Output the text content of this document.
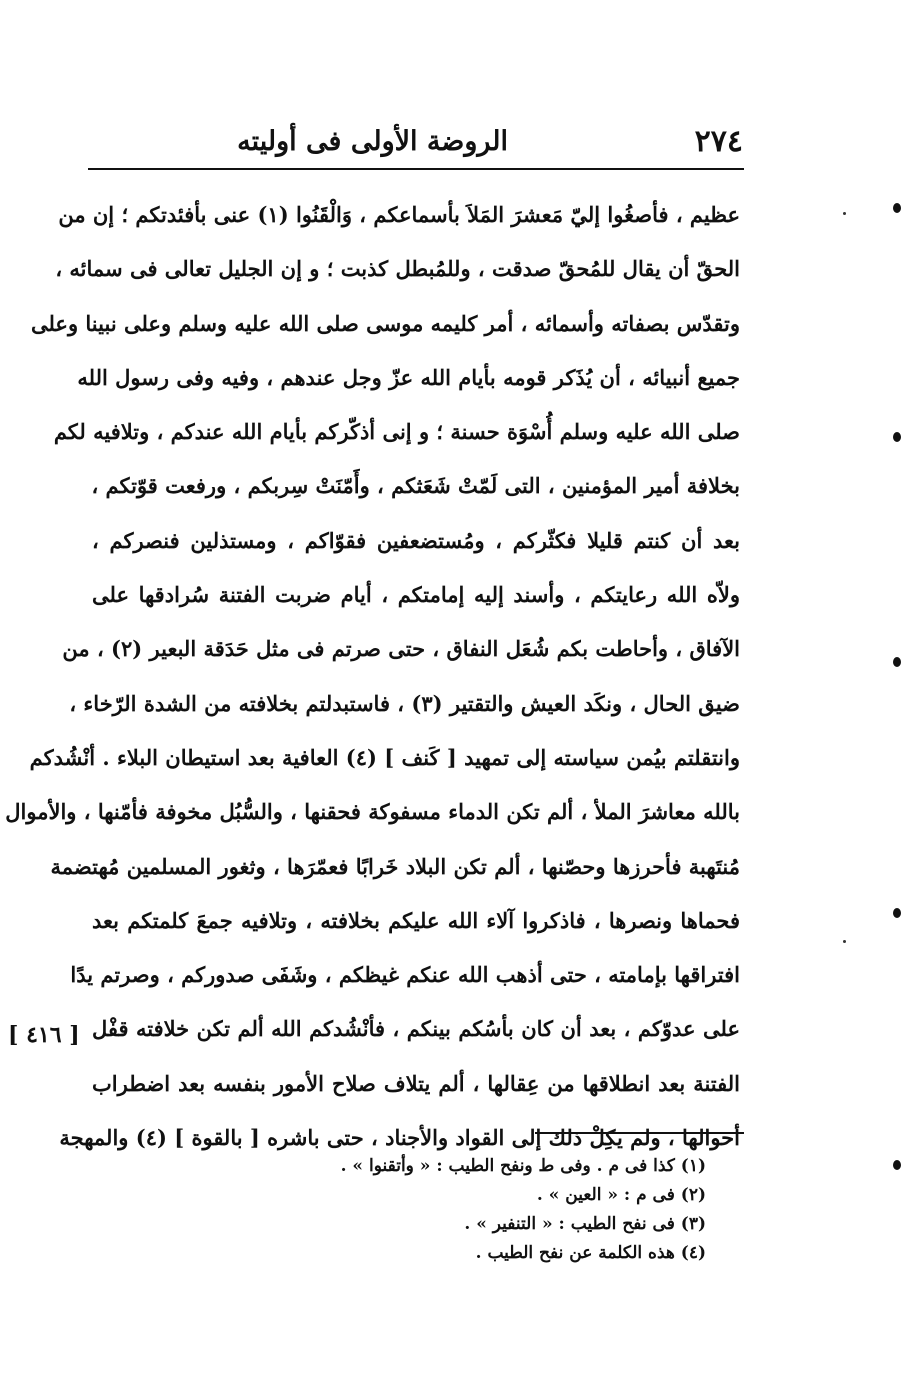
٢٧٤
الروضة الأولى فى أوليته
عظيم ، فأصغُوا إليّ مَعشرَ المَلاَ بأسماعكم ، وَالْقَنُوا (١) عنى بأفئدتكم ؛ إن من
الحقّ أن يقال للمُحقّ صدقت ، وللمُبطل كذبت ؛ و إن الجليل تعالى فى سمائه ،
وتقدّس بصفاته وأسمائه ، أمر كليمه موسى صلى الله عليه وسلم وعلى نبينا وعلى
جميع أنبيائه ، أن يُذَكر قومه بأيام الله عزّ وجل عندهم ، وفيه وفى رسول الله
صلى الله عليه وسلم أُسْوَة حسنة ؛ و إنى أذكّركم بأيام الله عندكم ، وتلافيه لكم
بخلافة أمير المؤمنين ، التى لَمّتْ شَعَثكم ، وأَمّنَتْ سِربكم ، ورفعت قوّتكم ،
بعد أن كنتم قليلا فكثّركم ، ومُستضعفين فقوّاكم ، ومستذلين فنصركم ،
ولاّه الله رعايتكم ، وأسند إليه إمامتكم ، أيام ضربت الفتنة سُرادقها على
الآفاق ، وأحاطت بكم شُعَل النفاق ، حتى صرتم فى مثل حَدَقة البعير (٢) ، من
ضيق الحال ، ونكَد العيش والتقتير (٣) ، فاستبدلتم بخلافته من الشدة الرّخاء ،
وانتقلتم بيُمن سياسته إلى تمهيد [ كَنف ] (٤) العافية بعد استيطان البلاء . أنْشُدكم
بالله معاشرَ الملأ ، ألم تكن الدماء مسفوكة فحقنها ، والسُّبُل مخوفة فأمّنها ، والأموال
مُنتَهبة فأحرزها وحصّنها ، ألم تكن البلاد خَرابًا فعمّرَها ، وثغور المسلمين مُهتضمة
فحماها ونصرها ، فاذكروا آلاء الله عليكم بخلافته ، وتلافيه جمعَ كلمتكم بعد
افتراقها بإمامته ، حتى أذهب الله عنكم غيظكم ، وشَفَى صدوركم ، وصرتم يدًا
على عدوّكم ، بعد أن كان بأسُكم بينكم ، فأنْشُدكم الله ألم تكن خلافته قفْل
الفتنة بعد انطلاقها من عِقالها ، ألم يتلاف صلاح الأمور بنفسه بعد اضطراب
أحوالها ، ولم يكِلْ ذلك إلى القواد والأجناد ، حتى باشره [ بالقوة ] (٤) والمهجة
[ ٤١٦ ]
(١) كذا فى م . وفى ط ونفح الطيب : « وأتقنوا » .
(٢) فى م : « العين » .
(٣) فى نفح الطيب : « التنفير » .
(٤) هذه الكلمة عن نفح الطيب .
